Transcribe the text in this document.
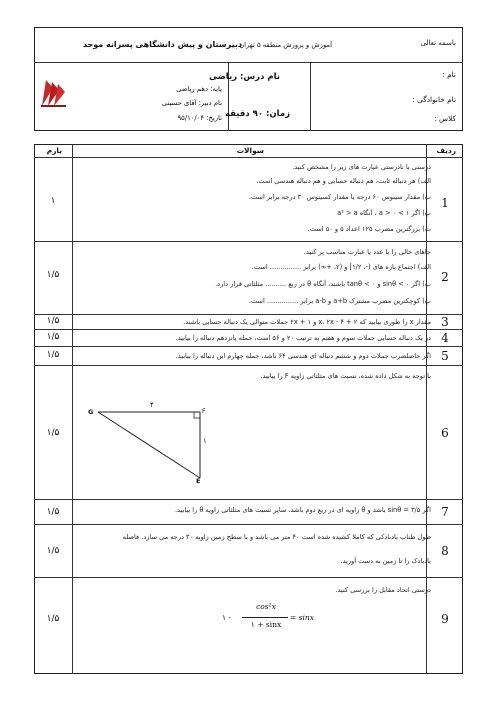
باسمه تعالی
آموزش و پرورش منطقه ۵ تهران
دبیرستان و پیش دانشگاهی پسرانه موحد
نام :
نام خانوادگی :
کلاس :
نام درس: ریاضی
زمان: ۹۰ دقیقه
پایه: دهم ریاضی
نام دبیر: آقای حسینی
تاریخ: ۹۵/۱۰/۰۴
ردیف
سوالات
بارم
1
۱
درستی یا نادرستی عبارت های زیر را مشخص کنید.
الف) هر دنباله ثابت، هم دنباله حسابی و هم دنباله هندسی است.
ب) مقدار سینوس ۶۰ درجه با مقدار کسینوس ۳۰ درجه برابر است.
پ) اگر ۱ > a > ۰ ، آنگاه a² > a
ت) بزرگترین مضرب ۱۲۵ اعداد ۵ و ۵۰ است.
2
۱/۵
جاهای خالی را با عدد یا عبارت مناسب پر کنید.
الف) اجتماع بازه های (-، ۱/۲] و (۲، +∞) برابر ............... است.
ب) اگر ۰ > sinθ و ۰ > tanθ باشند، آنگاه θ در ربع .......... مثلثاتی قرار دارد.
پ) کوچکترین مضرب مشترک a+b و a-b برابر ............... است.
3
۱/۵	مقدار x را طوری بیابید که ۲ + x، ۲x - ۴ و ۲x + ۱ جملات متوالی یک دنباله حسابی باشند.
4
۱/۵	در یک دنباله حسابی جملات سوم و هفتم به ترتیب ۲۰ و ۵۶ است، جمله پانزدهم دنباله را بیابید.
5
۱/۵	اگر حاصلضرب جملات دوم و ششم دنباله ای هندسی ۶۴ باشد، جمله چهارم این دنباله را بیابید.
6
۱/۵
با توجه به شکل داده شده، نسبت های مثلثاتی زاویه F را بیابید.
G	F
E
۴
۱
7
۱/۵	اگر sinθ = ۳/۵ باشد و θ زاویه ای در ربع دوم باشد، سایر نسبت های مثلثاتی زاویه θ را بیابید.
8
۱/۵
طول طناب بادبادکی که کاملا کشیده شده است ۴۰ متر می باشد و با سطح زمین زاویه ۳۰ درجه می سازد. فاصله
بادبادک را تا زمین به دست آورید.
9
۱/۵
درستی اتحاد مقابل را بررسی کنید.
۱ -
cos²x
۱ + sinx
= sinx
